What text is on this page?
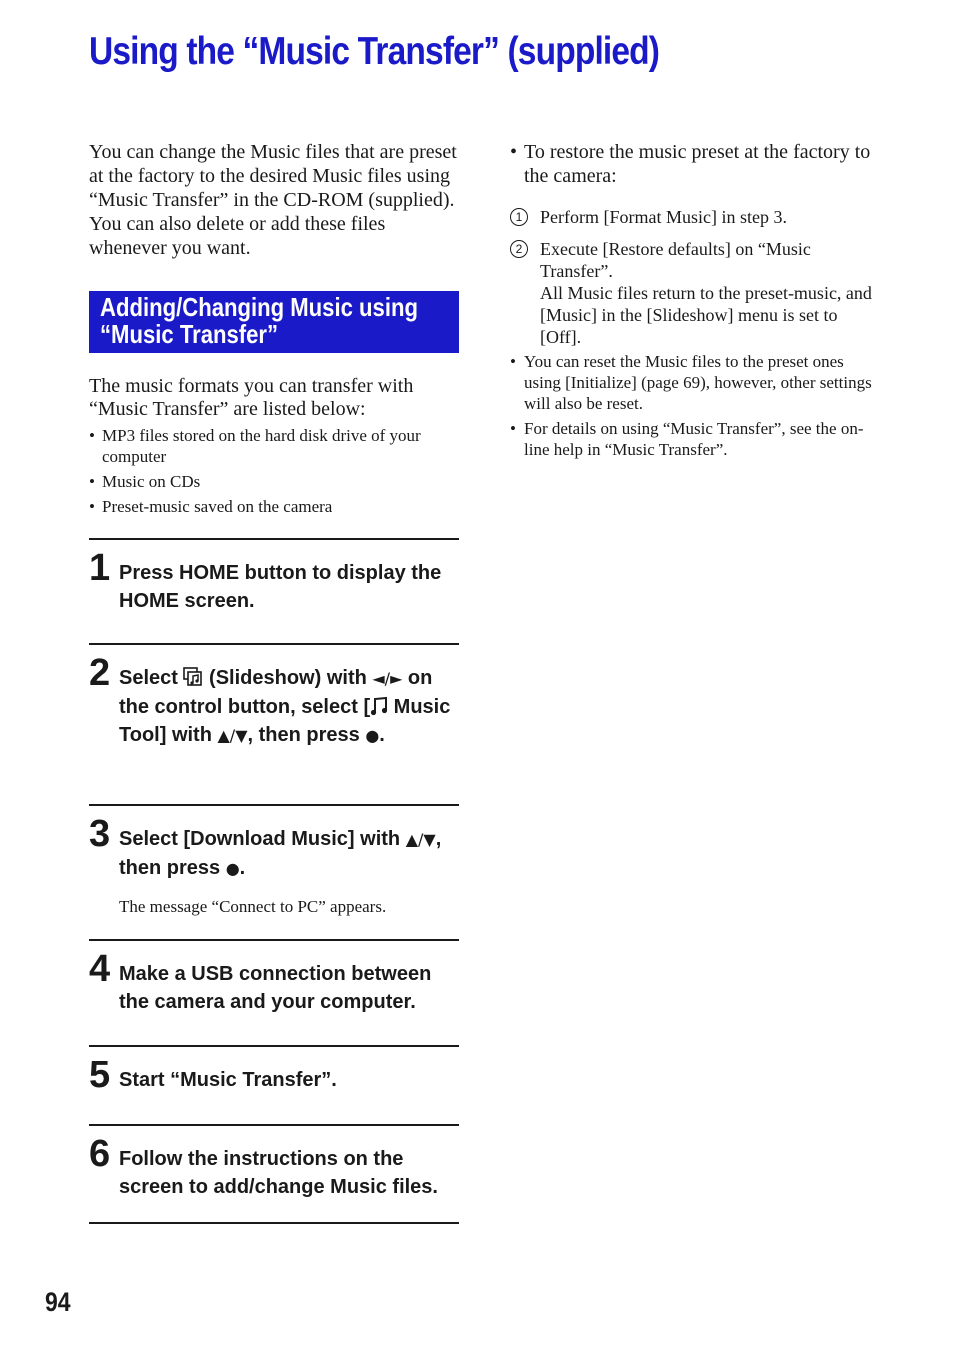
Using the “Music Transfer” (supplied)

You can change the Music files that are preset at the factory to the desired Music files using “Music Transfer” in the CD-ROM (supplied). You can also delete or add these files whenever you want.

Adding/Changing Music using
“Music Transfer”

The music formats you can transfer with “Music Transfer” are listed below:

• MP3 files stored on the hard disk drive of your computer
• Music on CDs
• Preset-music saved on the camera
1 Press HOME button to display the HOME screen.
2 Select  (Slideshow) with ◄/► on the control button, select [ Music Tool] with ▲/▼, then press ●.
3 Select [Download Music] with ▲/▼, then press ●.
The message “Connect to PC” appears.
4 Make a USB connection between the camera and your computer.
5 Start “Music Transfer”.
6 Follow the instructions on the screen to add/change Music files.
• To restore the music preset at the factory to the camera:
1 Perform [Format Music] in step 3.
2 Execute [Restore defaults] on “Music Transfer”.
All Music files return to the preset-music, and [Music] in the [Slideshow] menu is set to [Off].
• You can reset the Music files to the preset ones using [Initialize] (page 69), however, other settings will also be reset.
• For details on using “Music Transfer”, see the on-line help in “Music Transfer”.
94
